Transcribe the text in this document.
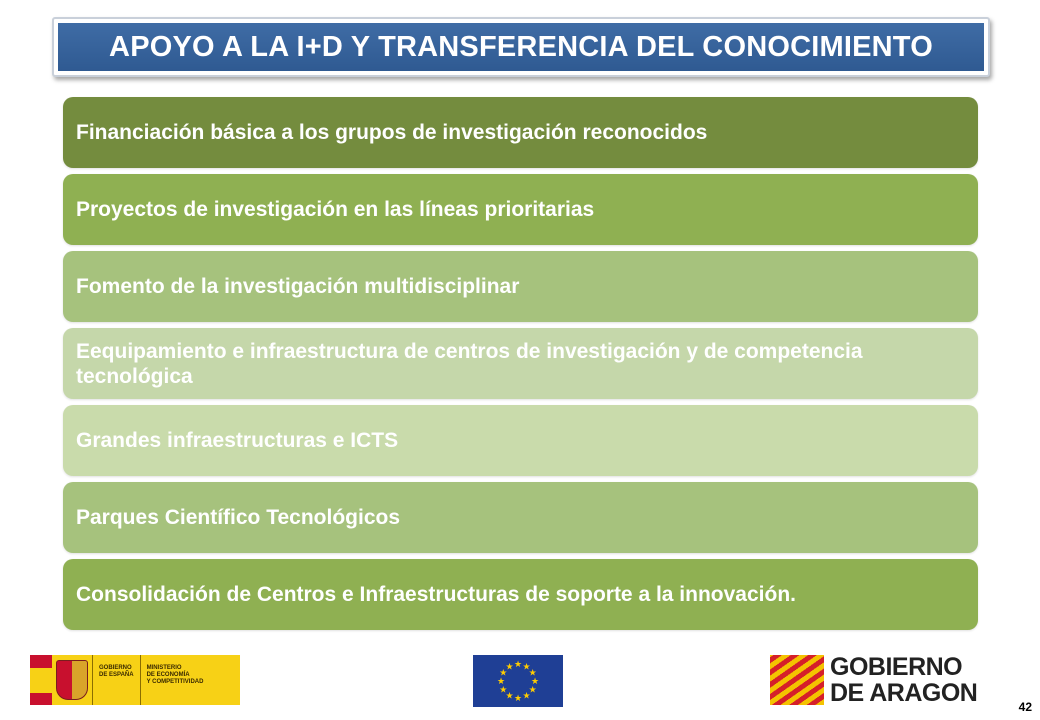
APOYO A LA I+D Y TRANSFERENCIA DEL CONOCIMIENTO
Financiación básica a los grupos de investigación reconocidos
Proyectos de investigación en las líneas prioritarias
Fomento de la investigación multidisciplinar
Eequipamiento e infraestructura de centros de investigación y de competencia tecnológica
Grandes infraestructuras e ICTS
Parques Científico Tecnológicos
Consolidación de Centros e Infraestructuras de soporte a la innovación.
GOBIERNO
DE ESPAÑA
MINISTERIO
DE ECONOMÍA
Y COMPETITIVIDAD
★ ★
★
★
★
★
★
★
★
★
★
★	GOBIERNO
DE ARAGON	42
